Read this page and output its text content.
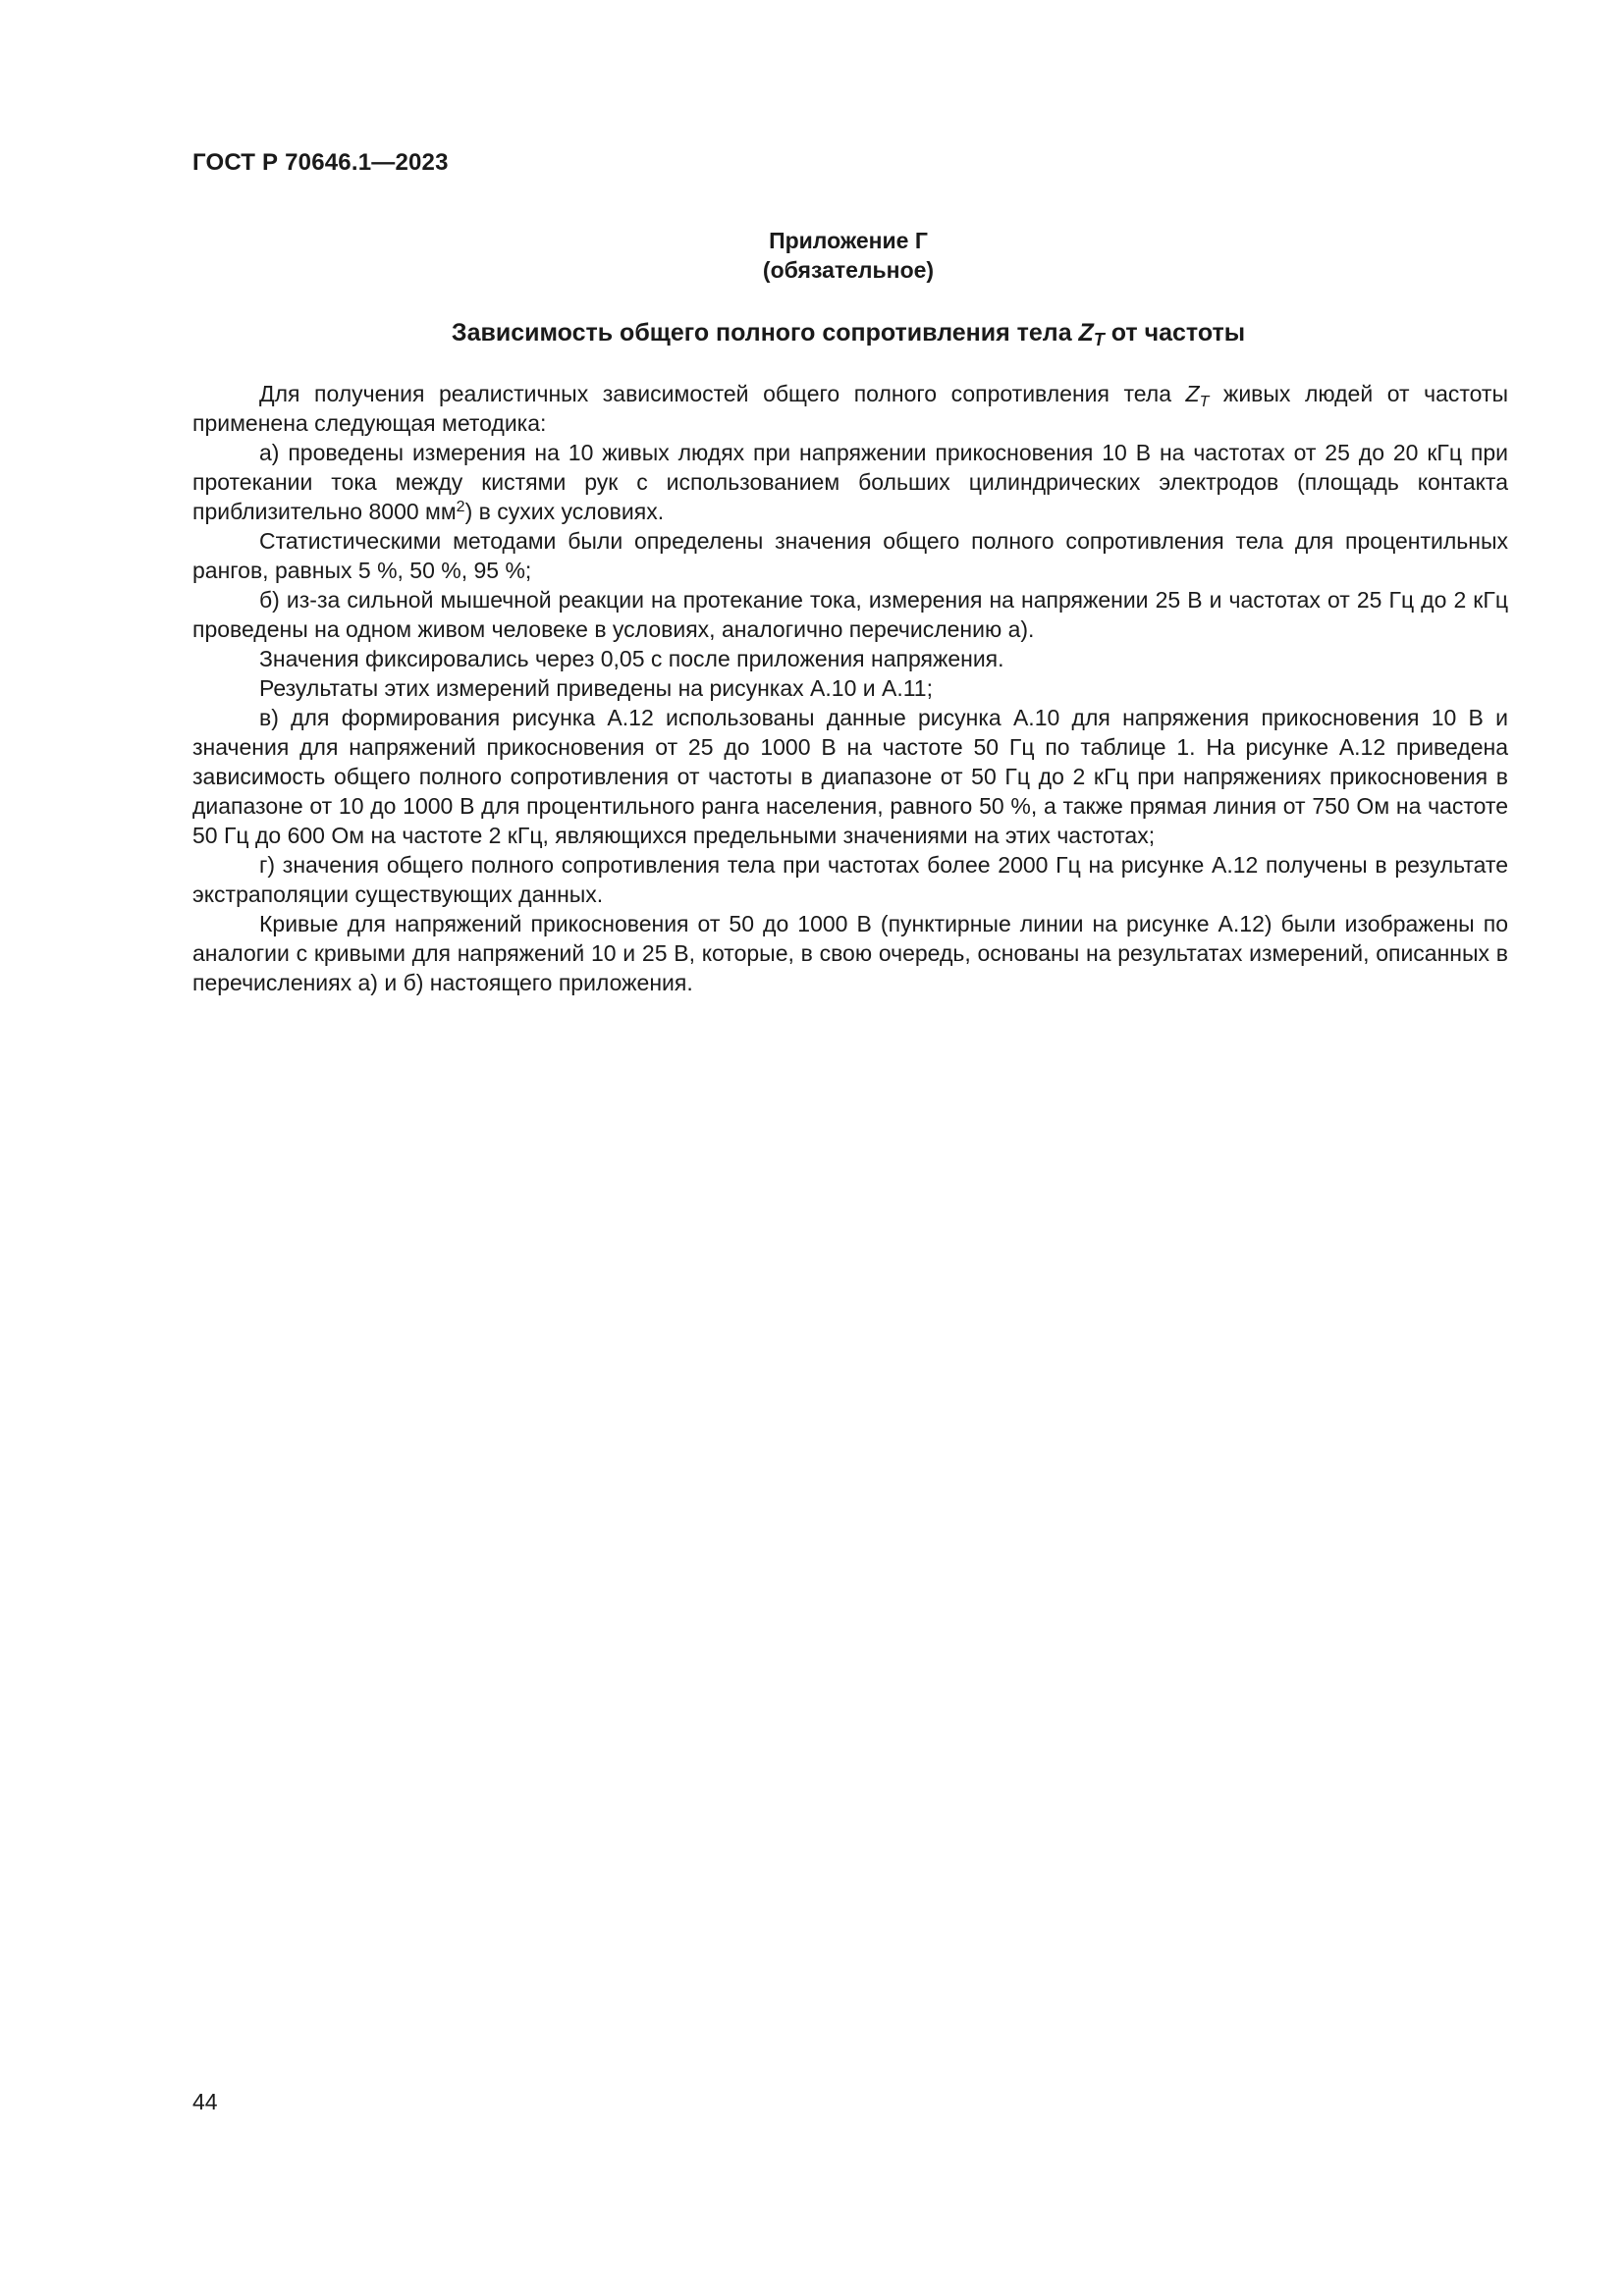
ГОСТ Р 70646.1—2023
Приложение Г
(обязательное)
Зависимость общего полного сопротивления тела $Z_T$ от частоты

Для получения реалистичных зависимостей общего полного сопротивления тела $Z_T$ живых людей от частоты применена следующая методика:

а) проведены измерения на 10 живых людях при напряжении прикосновения 10 В на частотах от 25 до 20 кГц при протекании тока между кистями рук с использованием больших цилиндрических электродов (площадь контакта приблизительно 8000 $мм^2$) в сухих условиях.

Статистическими методами были определены значения общего полного сопротивления тела для процентильных рангов, равных 5 %, 50 %, 95 %;

б) из-за сильной мышечной реакции на протекание тока, измерения на напряжении 25 В и частотах от 25 Гц до 2 кГц проведены на одном живом человеке в условиях, аналогично перечислению а).

Значения фиксировались через 0,05 с после приложения напряжения.

Результаты этих измерений приведены на рисунках А.10 и А.11;

в) для формирования рисунка А.12 использованы данные рисунка А.10 для напряжения прикосновения 10 В и значения для напряжений прикосновения от 25 до 1000 В на частоте 50 Гц по таблице 1. На рисунке А.12 приведена зависимость общего полного сопротивления от частоты в диапазоне от 50 Гц до 2 кГц при напряжениях прикосновения в диапазоне от 10 до 1000 В для процентильного ранга населения, равного 50 %, а также прямая линия от 750 Ом на частоте 50 Гц до 600 Ом на частоте 2 кГц, являющихся предельными значениями на этих частотах;

г) значения общего полного сопротивления тела при частотах более 2000 Гц на рисунке А.12 получены в результате экстраполяции существующих данных.

Кривые для напряжений прикосновения от 50 до 1000 В (пунктирные линии на рисунке А.12) были изображены по аналогии с кривыми для напряжений 10 и 25 В, которые, в свою очередь, основаны на результатах измерений, описанных в перечислениях а) и б) настоящего приложения.

44
